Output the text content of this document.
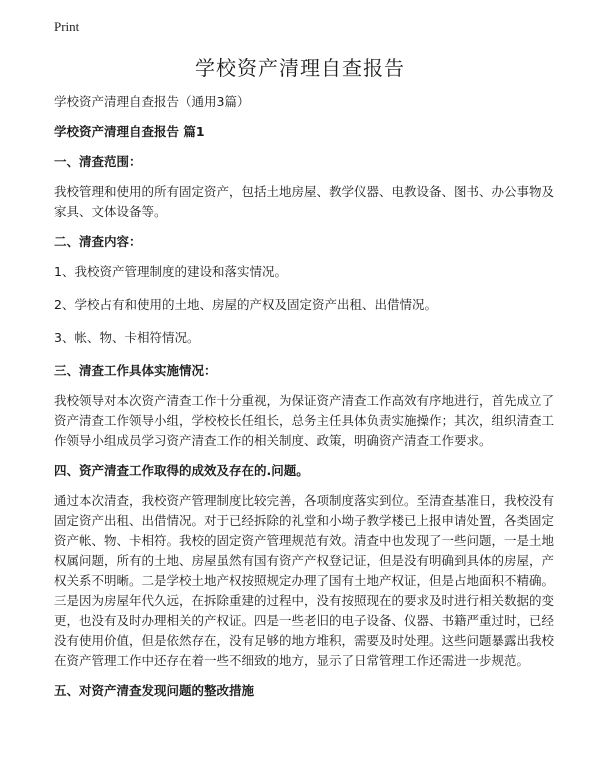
Print
学校资产清理自查报告

学校资产清理自查报告（通用3篇）

学校资产清理自查报告 篇1

一、清查范围：

我校管理和使用的所有固定资产，包括土地房屋、教学仪器、电教设备、图书、办公事物及家具、文体设备等。

二、清查内容：

1、我校资产管理制度的建设和落实情况。

2、学校占有和使用的土地、房屋的产权及固定资产出租、出借情况。

3、帐、物、卡相符情况。

三、清查工作具体实施情况：

我校领导对本次资产清查工作十分重视，为保证资产清查工作高效有序地进行，首先成立了资产清查工作领导小组，学校校长任组长，总务主任具体负责实施操作；其次，组织清查工作领导小组成员学习资产清查工作的相关制度、政策，明确资产清查工作要求。

四、资产清查工作取得的成效及存在的.问题。

通过本次清查，我校资产管理制度比较完善，各项制度落实到位。至清查基准日，我校没有固定资产出租、出借情况。对于已经拆除的礼堂和小坳子教学楼已上报申请处置，各类固定资产帐、物、卡相符。我校的固定资产管理规范有效。清查中也发现了一些问题，一是土地权属问题，所有的土地、房屋虽然有国有资产产权登记证，但是没有明确到具体的房屋，产权关系不明晰。二是学校土地产权按照规定办理了国有土地产权证，但是占地面积不精确。三是因为房屋年代久远，在拆除重建的过程中，没有按照现在的要求及时进行相关数据的变更，也没有及时办理相关的产权证。四是一些老旧的电子设备、仪器、书籍严重过时，已经没有使用价值，但是依然存在，没有足够的地方堆积，需要及时处理。这些问题暴露出我校在资产管理工作中还存在着一些不细致的地方，显示了日常管理工作还需进一步规范。

五、对资产清查发现问题的整改措施
